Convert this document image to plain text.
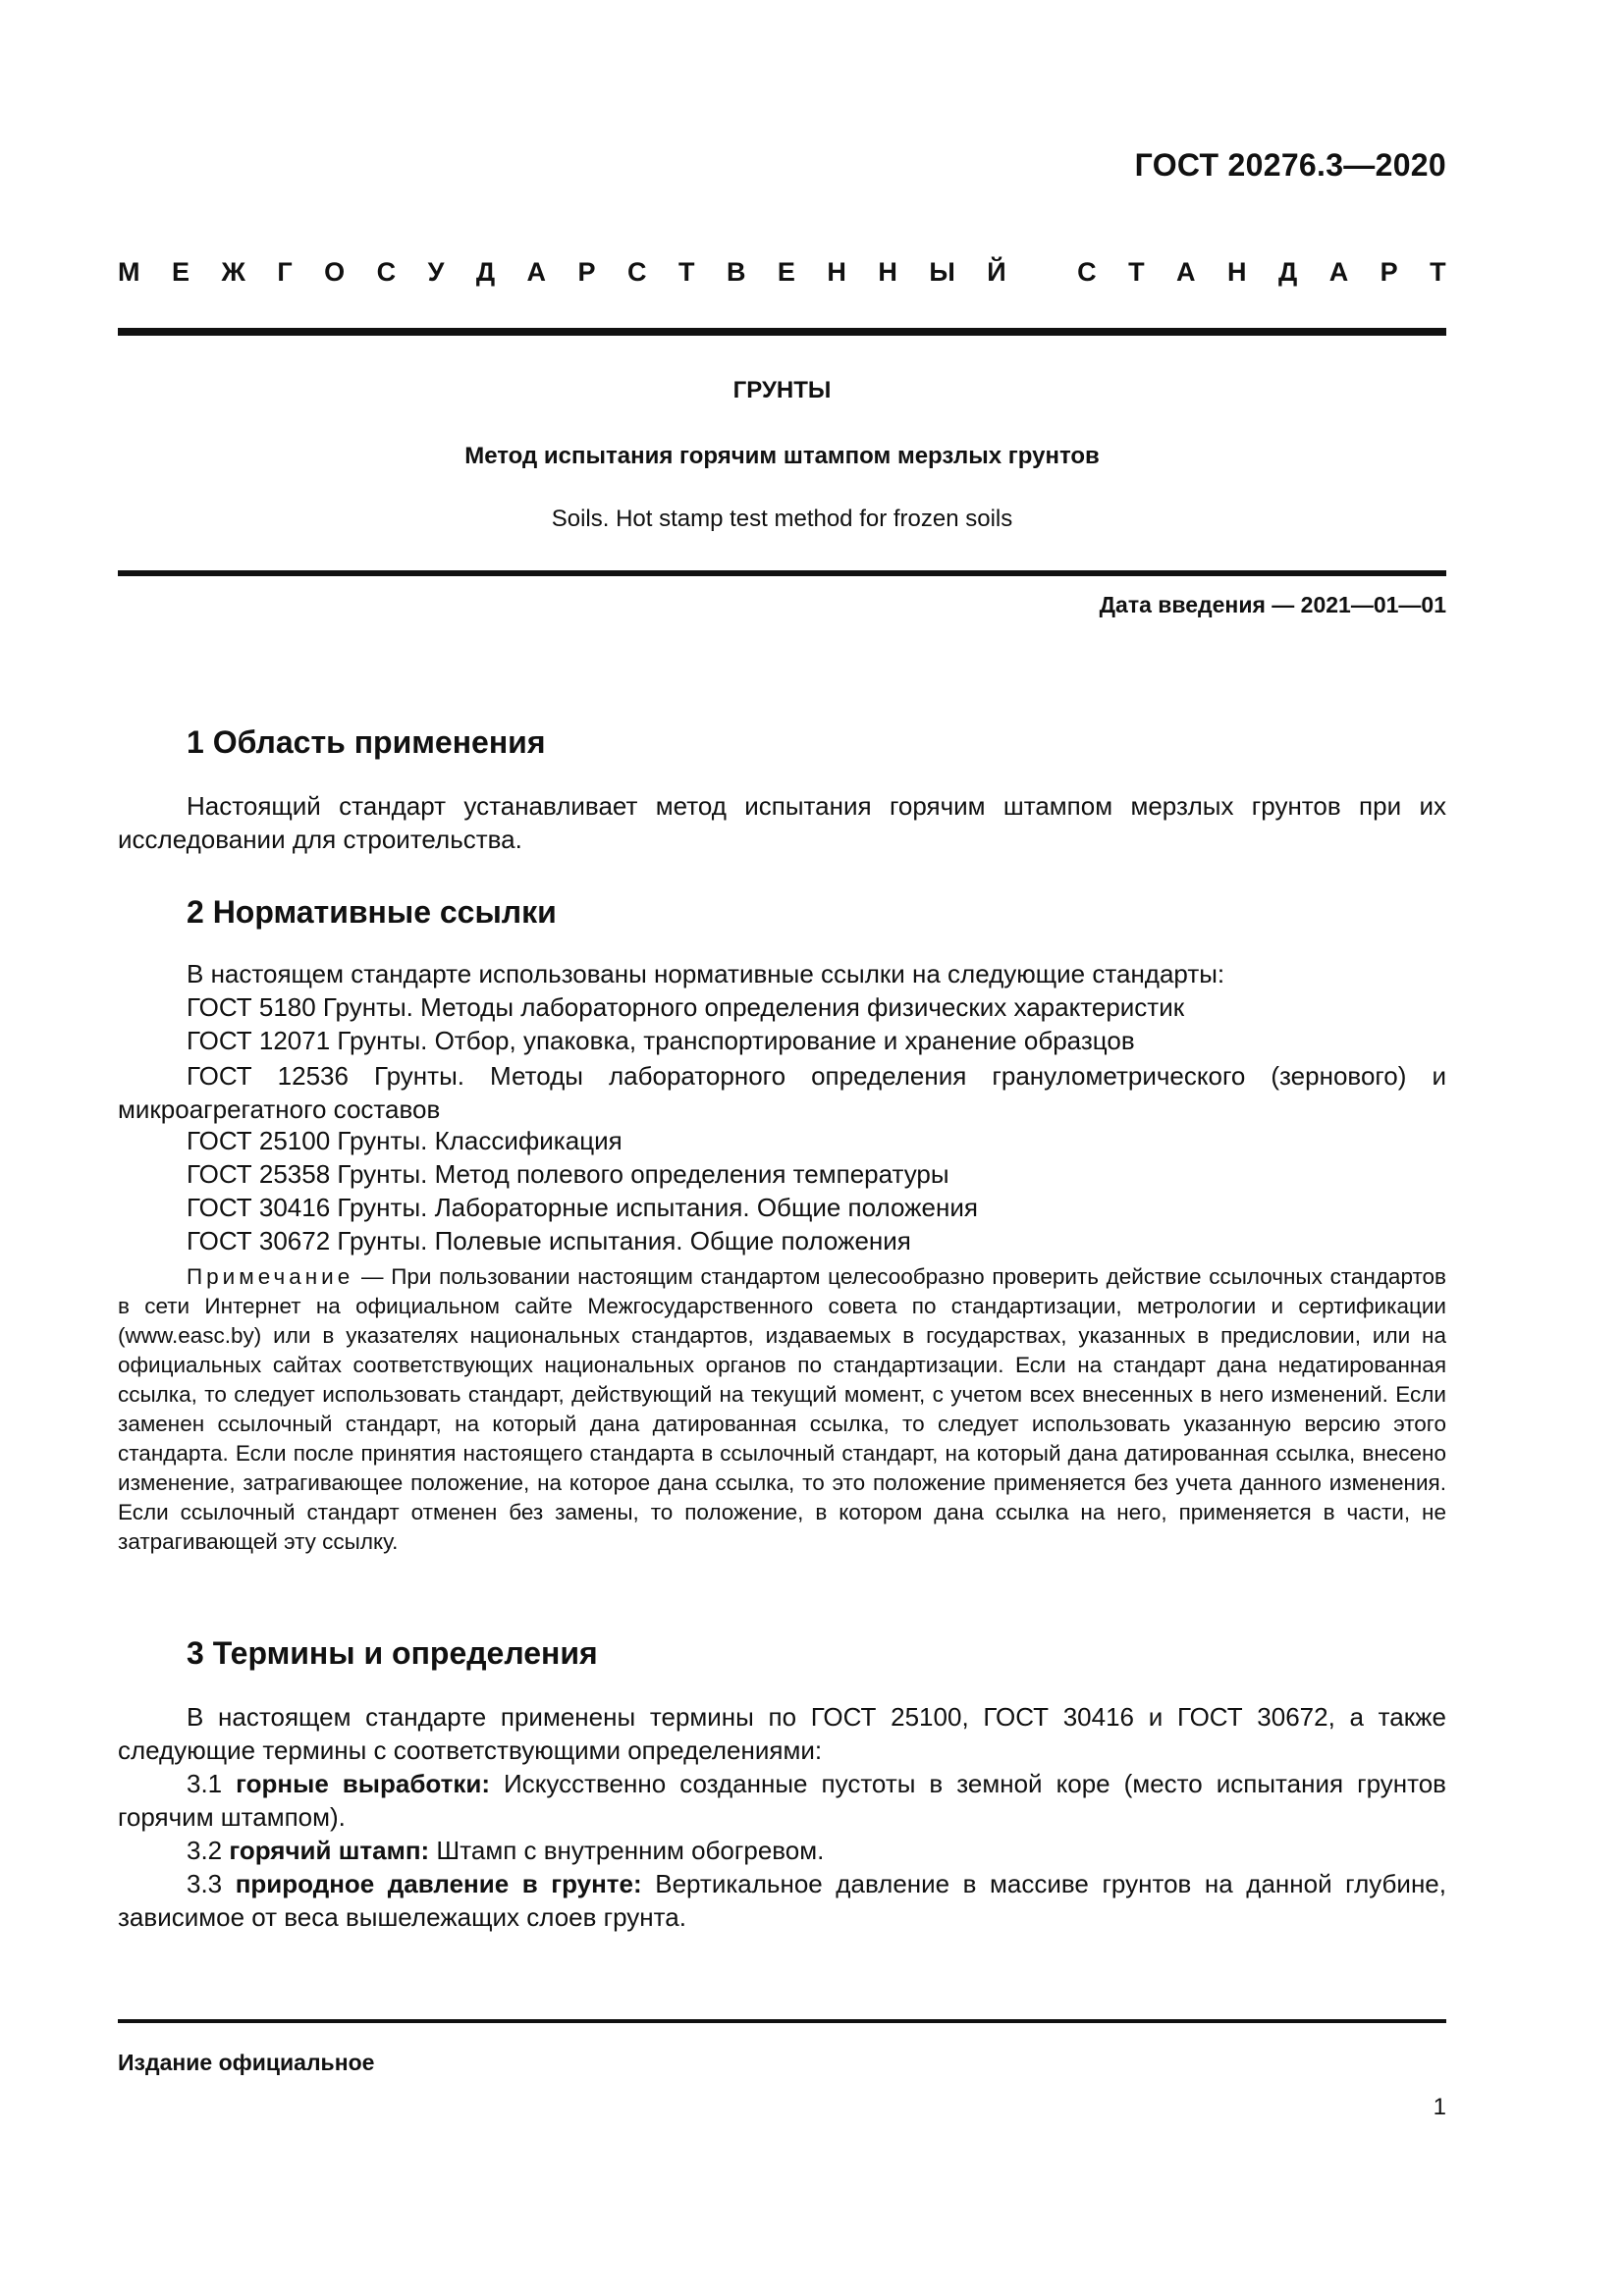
ГОСТ 20276.3—2020
М Е Ж Г О С У Д А Р С Т В Е Н Н Ы Й
	С Т А Н Д А Р Т
ГРУНТЫ
Метод испытания горячим штампом мерзлых грунтов
Soils. Hot stamp test method for frozen soils
Дата введения — 2021—01—01
1 Область применения
Настоящий стандарт устанавливает метод испытания горячим штампом мерзлых грунтов при их исследовании для строительства.
2 Нормативные ссылки
В настоящем стандарте использованы нормативные ссылки на следующие стандарты:
ГОСТ 5180 Грунты. Методы лабораторного определения физических характеристик
ГОСТ 12071 Грунты. Отбор, упаковка, транспортирование и хранение образцов
ГОСТ 12536 Грунты. Методы лабораторного определения гранулометрического (зернового) и микроагрегатного составов
ГОСТ 25100 Грунты. Классификация
ГОСТ 25358 Грунты. Метод полевого определения температуры
ГОСТ 30416 Грунты. Лабораторные испытания. Общие положения
ГОСТ 30672 Грунты. Полевые испытания. Общие положения
Примечание — При пользовании настоящим стандартом целесообразно проверить действие ссылочных стандартов в сети Интернет на официальном сайте Межгосударственного совета по стандартизации, метрологии и сертификации (www.easc.by) или в указателях национальных стандартов, издаваемых в государствах, указанных в предисловии, или на официальных сайтах соответствующих национальных органов по стандартизации. Если на стандарт дана недатированная ссылка, то следует использовать стандарт, действующий на текущий момент, с учетом всех внесенных в него изменений. Если заменен ссылочный стандарт, на который дана датированная ссылка, то следует использовать указанную версию этого стандарта. Если после принятия настоящего стандарта в ссылочный стандарт, на который дана датированная ссылка, внесено изменение, затрагивающее положение, на которое дана ссылка, то это положение применяется без учета данного изменения. Если ссылочный стандарт отменен без замены, то положение, в котором дана ссылка на него, применяется в части, не затрагивающей эту ссылку.
3 Термины и определения
В настоящем стандарте применены термины по ГОСТ 25100, ГОСТ 30416 и ГОСТ 30672, а также следующие термины с соответствующими определениями:
3.1 горные выработки: Искусственно созданные пустоты в земной коре (место испытания грунтов горячим штампом).
3.2 горячий штамп: Штамп с внутренним обогревом.
3.3 природное давление в грунте: Вертикальное давление в массиве грунтов на данной глубине, зависимое от веса вышележащих слоев грунта.
Издание официальное
1
